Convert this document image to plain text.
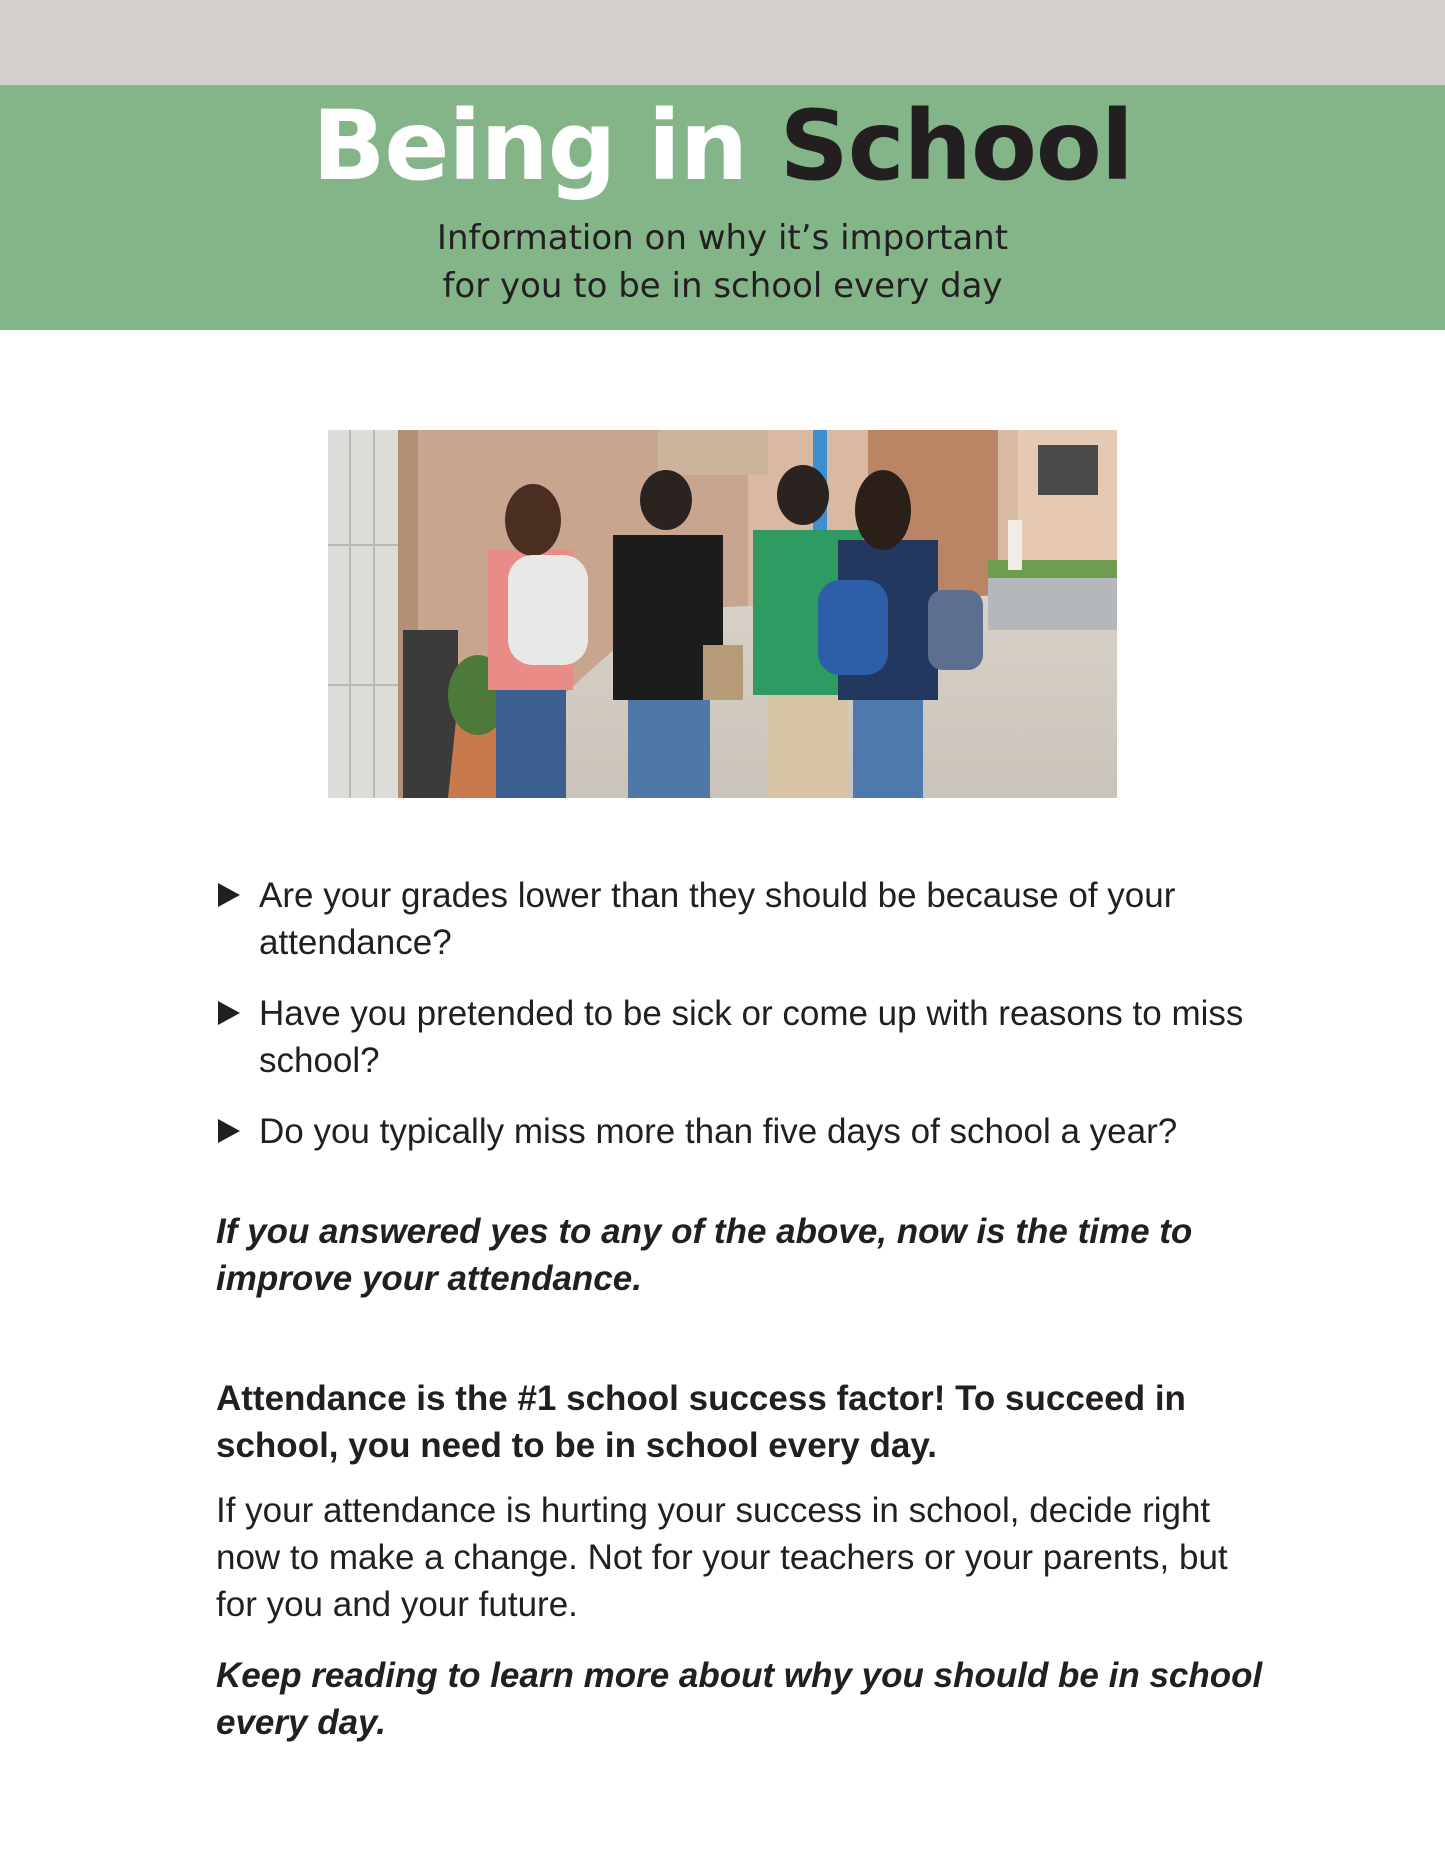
Being in School
Information on why it’s important
for you to be in school every day
Are your grades lower than they should be because of your attendance?
Have you pretended to be sick or come up with reasons to miss school?
Do you typically miss more than five days of school a year?

If you answered yes to any of the above, now is the time to improve your attendance.

Attendance is the #1 school success factor! To succeed in school, you need to be in school every day.

If your attendance is hurting your success in school, decide right now to make a change. Not for your teachers or your parents, but for you and your future.

Keep reading to learn more about why you should be in school every day.
